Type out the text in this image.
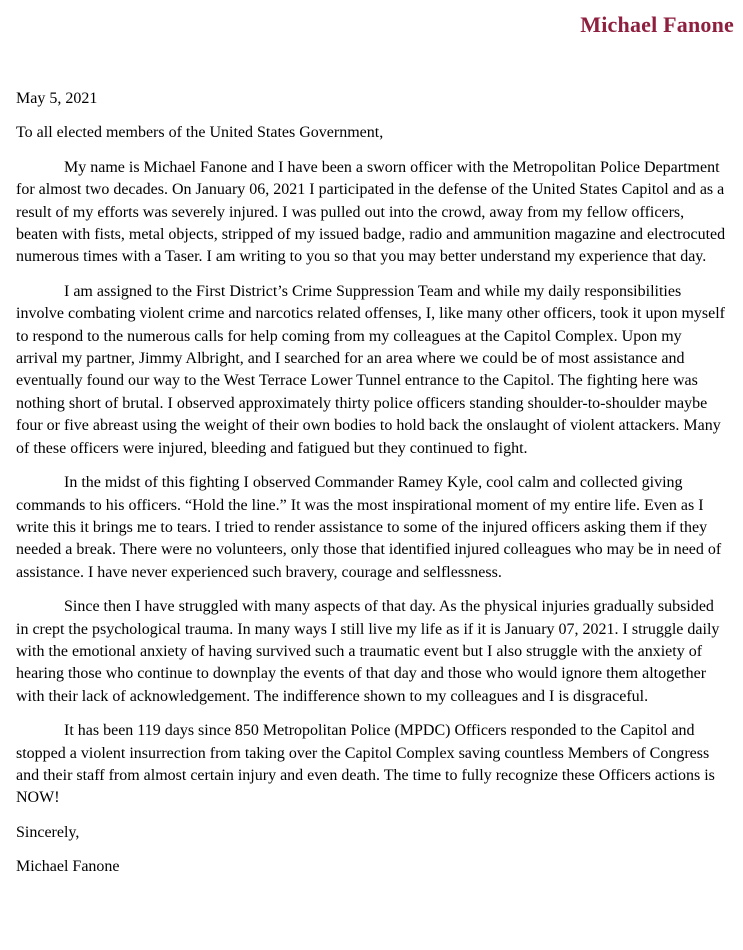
Michael Fanone

May 5, 2021

To all elected members of the United States Government,

My name is Michael Fanone and I have been a sworn officer with the Metropolitan Police Department for almost two decades. On January 06, 2021 I participated in the defense of the United States Capitol and as a result of my efforts was severely injured. I was pulled out into the crowd, away from my fellow officers, beaten with fists, metal objects, stripped of my issued badge, radio and ammunition magazine and electrocuted numerous times with a Taser. I am writing to you so that you may better understand my experience that day.

I am assigned to the First District’s Crime Suppression Team and while my daily responsibilities involve combating violent crime and narcotics related offenses, I, like many other officers, took it upon myself to respond to the numerous calls for help coming from my colleagues at the Capitol Complex. Upon my arrival my partner, Jimmy Albright, and I searched for an area where we could be of most assistance and eventually found our way to the West Terrace Lower Tunnel entrance to the Capitol. The fighting here was nothing short of brutal. I observed approximately thirty police officers standing shoulder-to-shoulder maybe four or five abreast using the weight of their own bodies to hold back the onslaught of violent attackers. Many of these officers were injured, bleeding and fatigued but they continued to fight.

In the midst of this fighting I observed Commander Ramey Kyle, cool calm and collected giving commands to his officers. “Hold the line.” It was the most inspirational moment of my entire life. Even as I write this it brings me to tears. I tried to render assistance to some of the injured officers asking them if they needed a break. There were no volunteers, only those that identified injured colleagues who may be in need of assistance. I have never experienced such bravery, courage and selflessness.

Since then I have struggled with many aspects of that day. As the physical injuries gradually subsided in crept the psychological trauma. In many ways I still live my life as if it is January 07, 2021. I struggle daily with the emotional anxiety of having survived such a traumatic event but I also struggle with the anxiety of hearing those who continue to downplay the events of that day and those who would ignore them altogether with their lack of acknowledgement. The indifference shown to my colleagues and I is disgraceful.

It has been 119 days since 850 Metropolitan Police (MPDC) Officers responded to the Capitol and stopped a violent insurrection from taking over the Capitol Complex saving countless Members of Congress and their staff from almost certain injury and even death. The time to fully recognize these Officers actions is NOW!

Sincerely,

Michael Fanone
